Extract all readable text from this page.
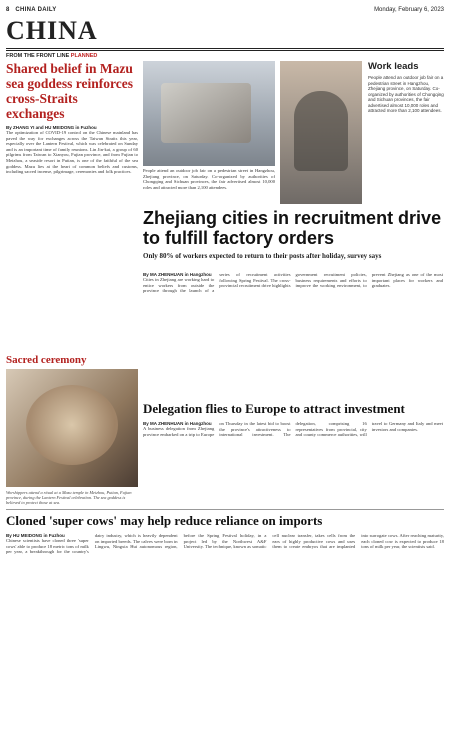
8 CHINA DAILY	Monday, February 6, 2023
CHINA
FROM THE FRONT LINE PLANNED
Shared belief in Mazu sea goddess reinforces cross-Straits exchanges
By ZHANG YI and HU MEIDONG in Fuzhou

The optimization of COVID-19 control on the Chinese mainland has paved the way for exchanges across the Taiwan Straits this year, especially over the Lantern Festival, which was celebrated on Sunday and is an important time of family reunions. Lin Jin-kai, a group of 60 pilgrims from Taiwan to Xianyou, Fujian province, and from Fujian to Meizhou, a seaside resort in Putian, is one of the faithful of the sea goddess. Mazu lies at the heart of common beliefs and customs, including sacred incense, pilgrimage, ceremonies and folk practices.	People attend an outdoor job fair on a pedestrian street in Hangzhou, Zhejiang province, on Saturday. Co-organized by authorities of Chongqing and Sichuan provinces, the fair advertised almost 10,000 roles and attracted more than 2,100 attendees.

Work leads
People attend an outdoor job fair on a pedestrian street in Hangzhou, Zhejiang province, on Saturday. Co-organized by authorities of Chongqing and Sichuan provinces, the fair advertised almost 10,000 roles and attracted more than 2,100 attendees.
Zhejiang cities in recruitment drive to fulfill factory orders

Only 80% of workers expected to return to their posts after holiday, survey says

By MA ZHENHUAN in Hangzhou

Cities in Zhejiang are working hard to entice workers from outside the province through the launch of a series of recruitment activities following Spring Festival. The cross-provincial recruitment drive highlights government recruitment policies, business requirements and efforts to improve the working environment, to prevent Zhejiang as one of the most important places for workers and graduates.

Sacred ceremony
Worshippers attend a ritual at a Mazu temple in Meizhou, Putian, Fujian province, during the Lantern Festival celebration. The sea goddess is believed to protect those at sea.
Delegation flies to Europe to attract investment
By MA ZHENHUAN in Hangzhou

A business delegation from Zhejiang province embarked on a trip to Europe on Thursday in the latest bid to boost the province's attractiveness to international investment. The delegation, comprising 16 representatives from provincial, city and county commerce authorities, will travel to Germany and Italy and meet investors and companies.

Cloned 'super cows' may help reduce reliance on imports
By HU MEIDONG in Fuzhou

Chinese scientists have cloned three 'super cows' able to produce 18 metric tons of milk per year, a breakthrough for the country's dairy industry, which is heavily dependent on imported breeds. The calves were born in Lingwu, Ningxia Hui autonomous region, before the Spring Festival holiday, in a project led by the Northwest A&F University. The technique, known as somatic cell nuclear transfer, takes cells from the ears of highly productive cows and uses them to create embryos that are implanted into surrogate cows. After reaching maturity, each cloned cow is expected to produce 18 tons of milk per year, the scientists said.
